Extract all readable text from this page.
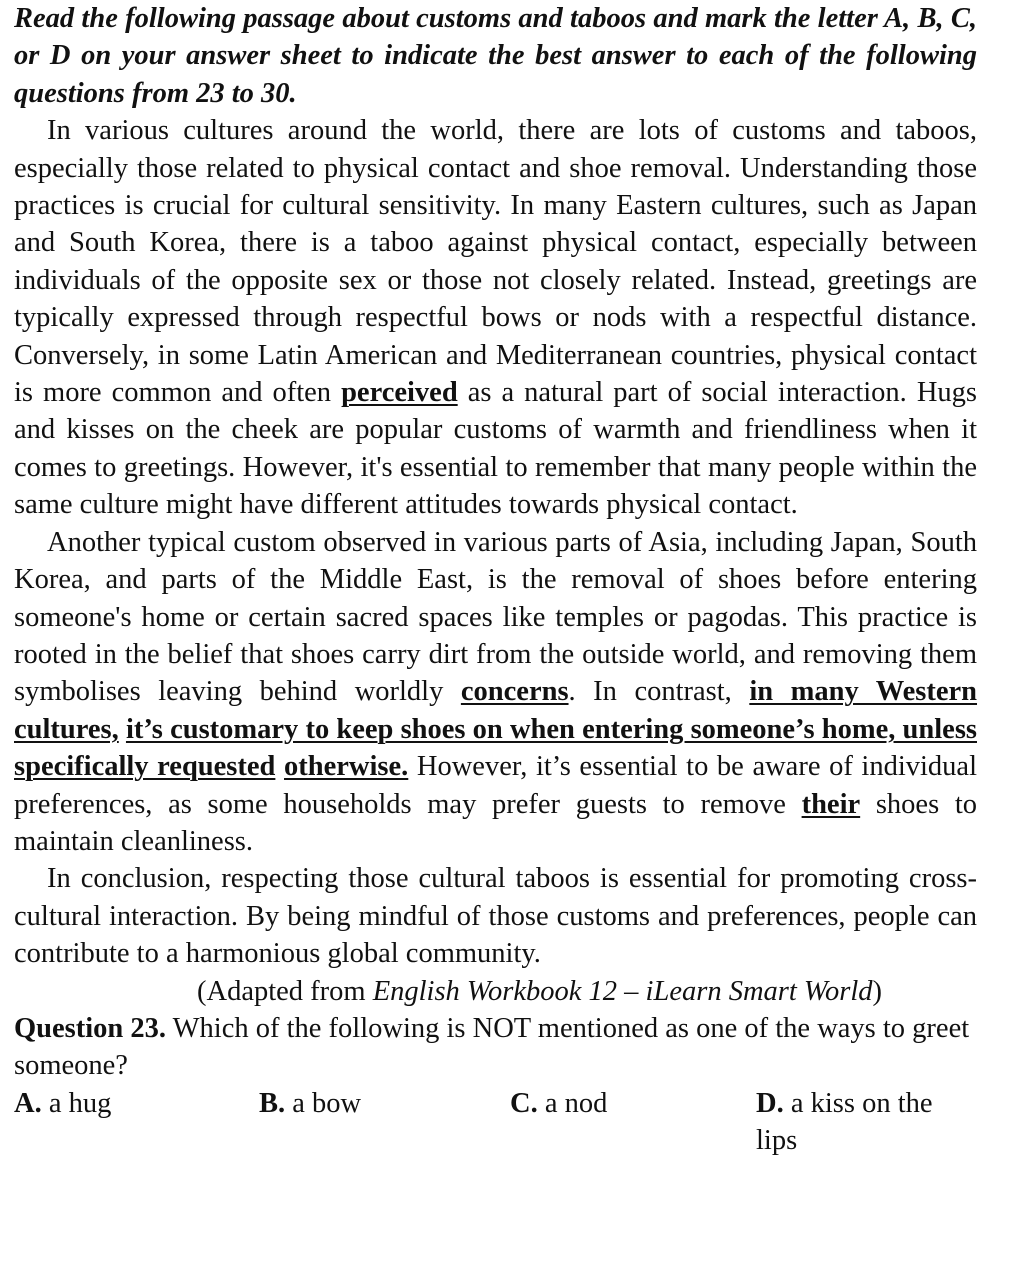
Read the following passage about customs and taboos and mark the letter A, B, C, or D on your answer sheet to indicate the best answer to each of the following questions from 23 to 30.

In various cultures around the world, there are lots of customs and taboos, especially those related to physical contact and shoe removal. Understanding those practices is crucial for cultural sensitivity. In many Eastern cultures, such as Japan and South Korea, there is a taboo against physical contact, especially between individuals of the opposite sex or those not closely related. Instead, greetings are typically expressed through respectful bows or nods with a respectful distance. Conversely, in some Latin American and Mediterranean countries, physical contact is more common and often perceived as a natural part of social interaction. Hugs and kisses on the cheek are popular customs of warmth and friendliness when it comes to greetings. However, it's essential to remember that many people within the same culture might have different attitudes towards physical contact.

Another typical custom observed in various parts of Asia, including Japan, South Korea, and parts of the Middle East, is the removal of shoes before entering someone's home or certain sacred spaces like temples or pagodas. This practice is rooted in the belief that shoes carry dirt from the outside world, and removing them symbolises leaving behind worldly concerns. In contrast, in many Western cultures, it’s customary to keep shoes on when entering someone’s home, unless specifically requested otherwise. However, it’s essential to be aware of individual preferences, as some households may prefer guests to remove their shoes to maintain cleanliness.

In conclusion, respecting those cultural taboos is essential for promoting cross-cultural interaction. By being mindful of those customs and preferences, people can contribute to a harmonious global community.

(Adapted from English Workbook 12 – iLearn Smart World)

Question 23. Which of the following is NOT mentioned as one of the ways to greet someone?

A. a hug	B. a bow	C. a nod	D. a kiss on the lips
